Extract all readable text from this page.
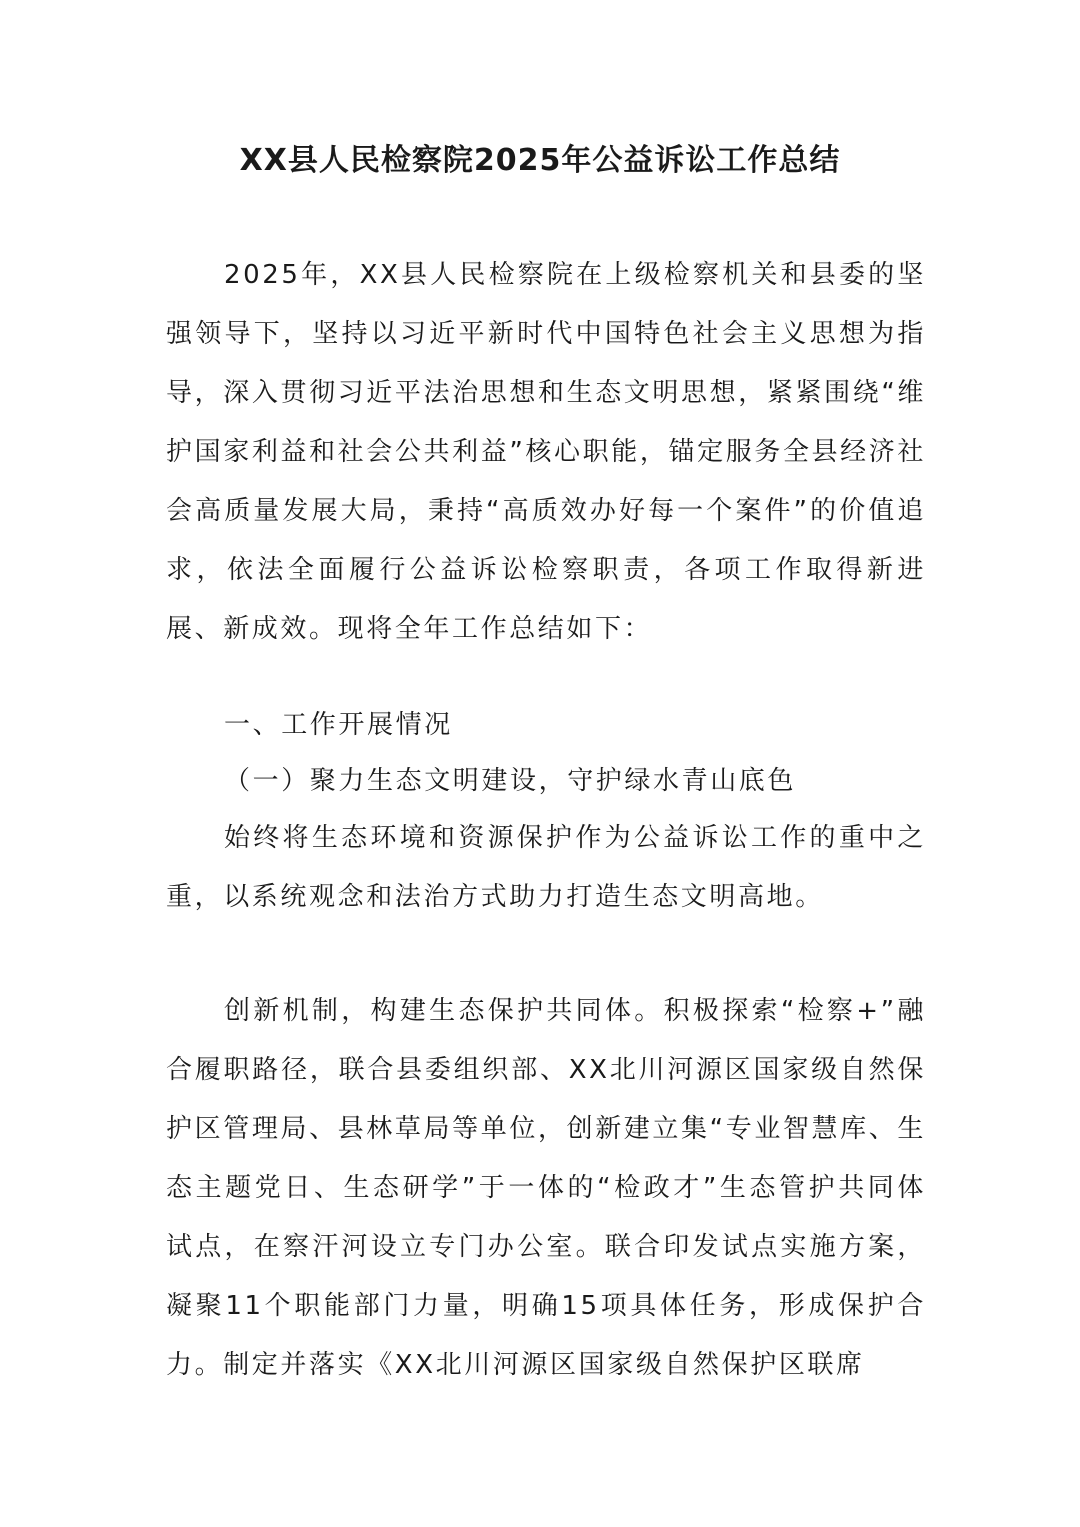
XX县人民检察院2025年公益诉讼工作总结

2025年，XX县人民检察院在上级检察机关和县委的坚强领导下，坚持以习近平新时代中国特色社会主义思想为指导，深入贯彻习近平法治思想和生态文明思想，紧紧围绕“维护国家利益和社会公共利益”核心职能，锚定服务全县经济社会高质量发展大局，秉持“高质效办好每一个案件”的价值追求，依法全面履行公益诉讼检察职责，各项工作取得新进展、新成效。现将全年工作总结如下：

一、工作开展情况

（一）聚力生态文明建设，守护绿水青山底色

始终将生态环境和资源保护作为公益诉讼工作的重中之重，以系统观念和法治方式助力打造生态文明高地。

创新机制，构建生态保护共同体。积极探索“检察+”融合履职路径，联合县委组织部、XX北川河源区国家级自然保护区管理局、县林草局等单位，创新建立集“专业智慧库、生态主题党日、生态研学”于一体的“检政才”生态管护共同体试点，在察汗河设立专门办公室。联合印发试点实施方案，凝聚11个职能部门力量，明确15项具体任务，形成保护合力。制定并落实《XX北川河源区国家级自然保护区联席
